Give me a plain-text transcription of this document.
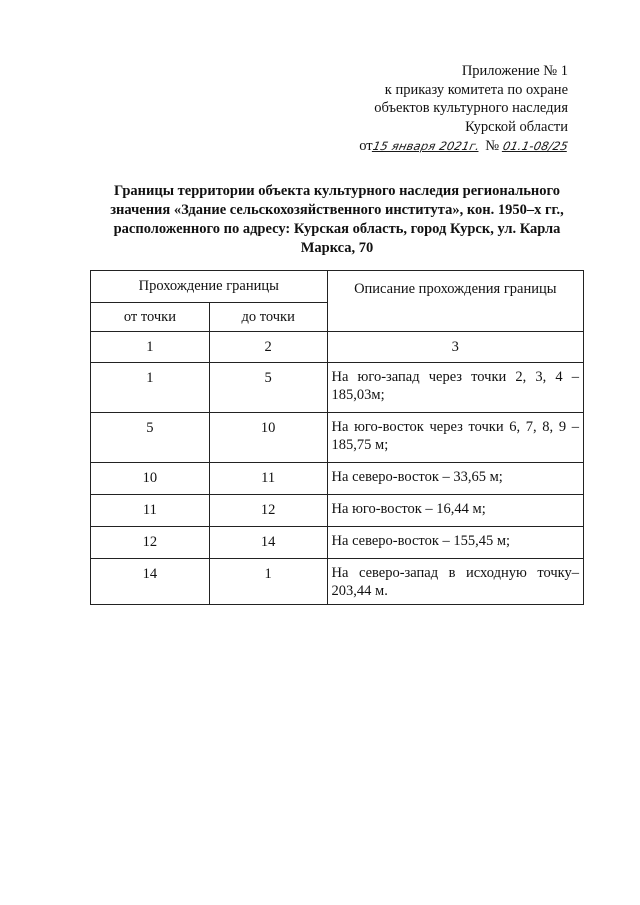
Приложение № 1
к приказу комитета по охране
объектов культурного наследия
Курской области
от15 января 2021г. № 01.1-08/25
Границы территории объекта культурного наследия регионального значения «Здание сельскохозяйственного института», кон. 1950–х гг., расположенного по адресу: Курская область, город Курск, ул. Карла Маркса, 70
Прохождение границы		Описание прохождения границы
от точки	до точки	
1	2	3
1	5	На юго-запад через точки 2, 3, 4 – 185,03м;
5	10	На юго-восток через точки 6, 7, 8, 9 – 185,75 м;
10	11	На северо-восток – 33,65 м;
11	12	На юго-восток – 16,44 м;
12	14	На северо-восток – 155,45 м;
14	1	На северо-запад в исходную точку– 203,44 м.
